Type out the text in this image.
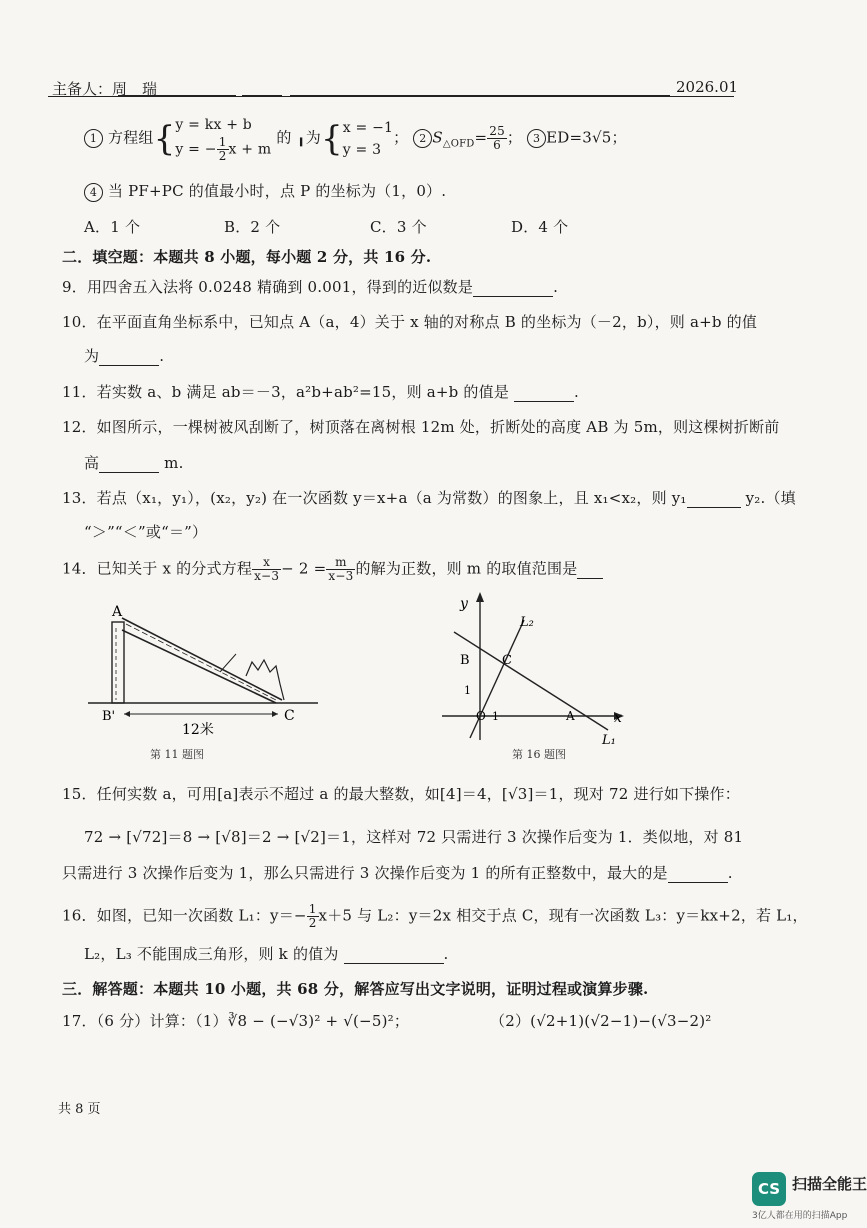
主备人：周　瑞	2026.01
1 方程组{ y = kx + b
y = − $\frac{1}{2}$ x + m
的 ╻为{ x = −1
y = 3
； 2 $S_{\triangle OFD}= \frac{25}{6}$ ； 3 ED=3√5；
4 当 PF+PC 的值最小时，点 P 的坐标为（1，0）.
A．1 个	B．2 个	C．3 个	D．4 个
二．填空题：本题共 8 小题，每小题 2 分，共 16 分.
9．用四舍五入法将 0.0248 精确到 0.001，得到的近似数是	.
10．在平面直角坐标系中，已知点 A（a，4）关于 x 轴的对称点 B 的坐标为（－2，b），则 a+b 的值
为	.
11．若实数 a、b 满足 ab＝－3，a²b+ab²=15，则 a+b 的值是	.
12．如图所示，一棵树被风刮断了，树顶落在离树根 12m 处，折断处的高度 AB 为 5m，则这棵树折断前
高	m.
13．若点（x₁，y₁），(x₂，y₂) 在一次函数 y＝x+a（a 为常数）的图象上，且 x₁<x₂，则 y₁	y₂.（填
“＞”“＜”或“＝”）
14．已知关于 x 的分式方程 $\frac{x}{x-3} - 2 = \frac{m}{x-3}$ 的解为正数，则 m 的取值范围是
A
B'	C
12米
第 11 题图
y
x
L₂
L₁
B C
1
O 1	A
第 16 题图
15．任何实数 a，可用[a]表示不超过 a 的最大整数，如[4]＝4，[√3]＝1，现对 72 进行如下操作：
72 → [√72]＝8 → [√8]＝2 → [√2]＝1，这样对 72 只需进行 3 次操作后变为 1．类似地，对 81
只需进行 3 次操作后变为 1，那么只需进行 3 次操作后变为 1 的所有正整数中，最大的是	.
16．如图，已知一次函数 L₁：$y=- \frac{1}{2} x+5$ 与 L₂：y＝2x 相交于点 C，现有一次函数 L₃：y＝kx+2，若 L₁，
L₂，L₃ 不能围成三角形，则 k 的值为	.
三．解答题：本题共 10 小题，共 68 分，解答应写出文字说明，证明过程或演算步骤.
17．（6 分）计算：（1）∛8 − (−√3)² + √(−5)²；	（2）(√2+1)(√2−1)−(√3−2)²
共 8 页
CS 扫描全能王
3亿人都在用的扫描App
